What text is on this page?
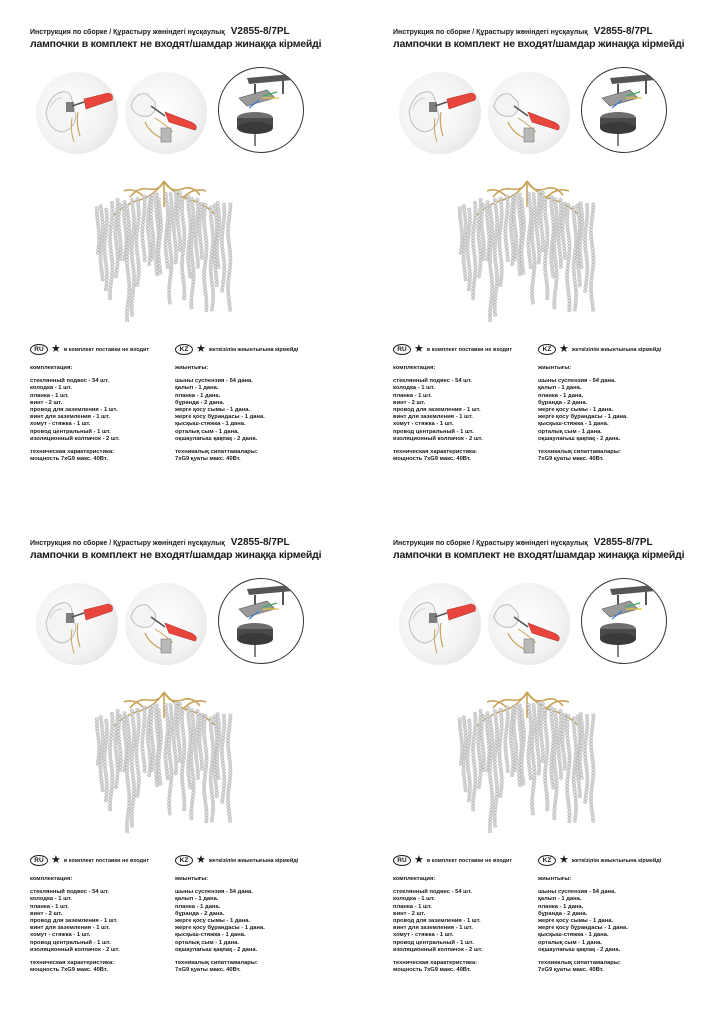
Инструкция по сборке / Құрастыру жөніндегі нұсқаулық V2855-8/7PL
лампочки в комплект не входят/шамдар жинаққа кірмейді
RU ★ в комплект поставки не входит	KZ ★ жеткізілім жиынтығына кірмейді
комплектация:
стеклянный подвес - 54 шт.
колодка - 1 шт.
планка - 1 шт.
винт - 2 шт.
провод для заземления - 1 шт.
винт для заземления - 1 шт.
хомут - стяжка - 1 шт.
провод центральный - 1 шт.
изоляционный колпачок - 2 шт.
техническая характеристика:
мощность 7xG9 макс. 40Вт.
жиынтығы:
шыны суспензия - 54 дана.
қалып - 1 дана.
планка - 1 дана.
бұранда - 2 дана.
жерге қосу сымы - 1 дана.
жерге қосу бұрандасы - 1 дана.
қысқыш-стяжка - 1 дана.
орталық сым - 1 дана.
оқшаулағыш қақпақ - 2 дана.
техникалық сипаттамалары:
7xG9 қуаты макс. 40Вт.
Инструкция по сборке / Құрастыру жөніндегі нұсқаулық V2855-8/7PL
лампочки в комплект не входят/шамдар жинаққа кірмейді
RU ★ в комплект поставки не входит	KZ ★ жеткізілім жиынтығына кірмейді
комплектация:
стеклянный подвес - 54 шт.
колодка - 1 шт.
планка - 1 шт.
винт - 2 шт.
провод для заземления - 1 шт.
винт для заземления - 1 шт.
хомут - стяжка - 1 шт.
провод центральный - 1 шт.
изоляционный колпачок - 2 шт.
техническая характеристика:
мощность 7xG9 макс. 40Вт.
жиынтығы:
шыны суспензия - 54 дана.
қалып - 1 дана.
планка - 1 дана.
бұранда - 2 дана.
жерге қосу сымы - 1 дана.
жерге қосу бұрандасы - 1 дана.
қысқыш-стяжка - 1 дана.
орталық сым - 1 дана.
оқшаулағыш қақпақ - 2 дана.
техникалық сипаттамалары:
7xG9 қуаты макс. 40Вт.
Инструкция по сборке / Құрастыру жөніндегі нұсқаулық V2855-8/7PL
лампочки в комплект не входят/шамдар жинаққа кірмейді
RU ★ в комплект поставки не входит	KZ ★ жеткізілім жиынтығына кірмейді
комплектация:
стеклянный подвес - 54 шт.
колодка - 1 шт.
планка - 1 шт.
винт - 2 шт.
провод для заземления - 1 шт.
винт для заземления - 1 шт.
хомут - стяжка - 1 шт.
провод центральный - 1 шт.
изоляционный колпачок - 2 шт.
техническая характеристика:
мощность 7xG9 макс. 40Вт.
жиынтығы:
шыны суспензия - 54 дана.
қалып - 1 дана.
планка - 1 дана.
бұранда - 2 дана.
жерге қосу сымы - 1 дана.
жерге қосу бұрандасы - 1 дана.
қысқыш-стяжка - 1 дана.
орталық сым - 1 дана.
оқшаулағыш қақпақ - 2 дана.
техникалық сипаттамалары:
7xG9 қуаты макс. 40Вт.
Инструкция по сборке / Құрастыру жөніндегі нұсқаулық V2855-8/7PL
лампочки в комплект не входят/шамдар жинаққа кірмейді
RU ★ в комплект поставки не входит	KZ ★ жеткізілім жиынтығына кірмейді
комплектация:
стеклянный подвес - 54 шт.
колодка - 1 шт.
планка - 1 шт.
винт - 2 шт.
провод для заземления - 1 шт.
винт для заземления - 1 шт.
хомут - стяжка - 1 шт.
провод центральный - 1 шт.
изоляционный колпачок - 2 шт.
техническая характеристика:
мощность 7xG9 макс. 40Вт.
жиынтығы:
шыны суспензия - 54 дана.
қалып - 1 дана.
планка - 1 дана.
бұранда - 2 дана.
жерге қосу сымы - 1 дана.
жерге қосу бұрандасы - 1 дана.
қысқыш-стяжка - 1 дана.
орталық сым - 1 дана.
оқшаулағыш қақпақ - 2 дана.
техникалық сипаттамалары:
7xG9 қуаты макс. 40Вт.
